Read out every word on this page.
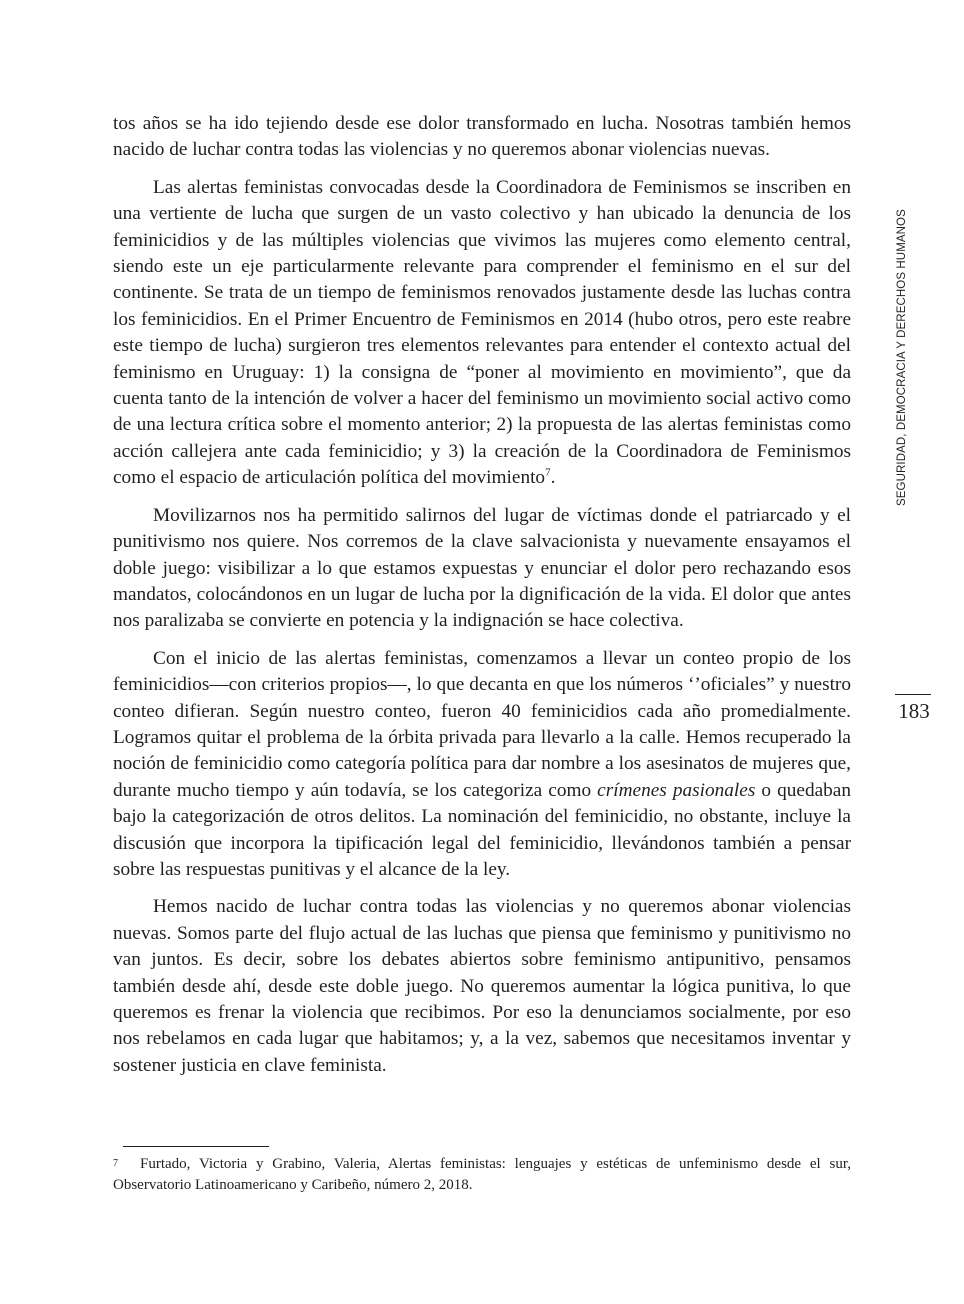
tos años se ha ido tejiendo desde ese dolor transformado en lucha. Nosotras también hemos nacido de luchar contra todas las violencias y no queremos abonar violencias nuevas.

Las alertas feministas convocadas desde la Coordinadora de Feminismos se inscriben en una vertiente de lucha que surgen de un vasto colectivo y han ubicado la denuncia de los feminicidios y de las múltiples violencias que vivimos las mujeres como elemento central, siendo este un eje particularmente relevante para comprender el feminismo en el sur del continente. Se trata de un tiempo de feminismos renovados justamente desde las luchas contra los feminicidios. En el Primer Encuentro de Feminismos en 2014 (hubo otros, pero este reabre este tiempo de lucha) surgieron tres elementos relevantes para entender el contexto actual del feminismo en Uruguay: 1) la consigna de “poner al movimiento en movimiento”, que da cuenta tanto de la intención de volver a hacer del feminismo un movimiento social activo como de una lectura crítica sobre el momento anterior; 2) la propuesta de las alertas feministas como acción callejera ante cada feminicidio; y 3) la creación de la Coordinadora de Feminismos como el espacio de articulación política del movimiento$^7$.

Movilizarnos nos ha permitido salirnos del lugar de víctimas donde el patriarcado y el punitivismo nos quiere. Nos corremos de la clave salvacionista y nuevamente ensayamos el doble juego: visibilizar a lo que estamos expuestas y enunciar el dolor pero rechazando esos mandatos, colocándonos en un lugar de lucha por la dignificación de la vida. El dolor que antes nos paralizaba se convierte en potencia y la indignación se hace colectiva.

Con el inicio de las alertas feministas, comenzamos a llevar un conteo propio de los feminicidios—con criterios propios—, lo que decanta en que los números ‘’oficiales” y nuestro conteo difieran. Según nuestro conteo, fueron 40 feminicidios cada año promedialmente. Logramos quitar el problema de la órbita privada para llevarlo a la calle. Hemos recuperado la noción de feminicidio como categoría política para dar nombre a los asesinatos de mujeres que, durante mucho tiempo y aún todavía, se los categoriza como crímenes pasionales o quedaban bajo la categorización de otros delitos. La nominación del feminicidio, no obstante, incluye la discusión que incorpora la tipificación legal del feminicidio, llevándonos también a pensar sobre las respuestas punitivas y el alcance de la ley.

Hemos nacido de luchar contra todas las violencias y no queremos abonar violencias nuevas. Somos parte del flujo actual de las luchas que piensa que feminismo y punitivismo no van juntos. Es decir, sobre los debates abiertos sobre feminismo antipunitivo, pensamos también desde ahí, desde este doble juego. No queremos aumentar la lógica punitiva, lo que queremos es frenar la violencia que recibimos. Por eso la denunciamos socialmente, por eso nos rebelamos en cada lugar que habitamos; y, a la vez, sabemos que necesitamos inventar y sostener justicia en clave feminista.

SEGURIDAD, DEMOCRACIA Y DERECHOS HUMANOS
183
$^7$ Furtado, Victoria y Grabino, Valeria, Alertas feministas: lenguajes y estéticas de unfeminismo desde el sur, Observatorio Latinoamericano y Caribeño, número 2, 2018.
